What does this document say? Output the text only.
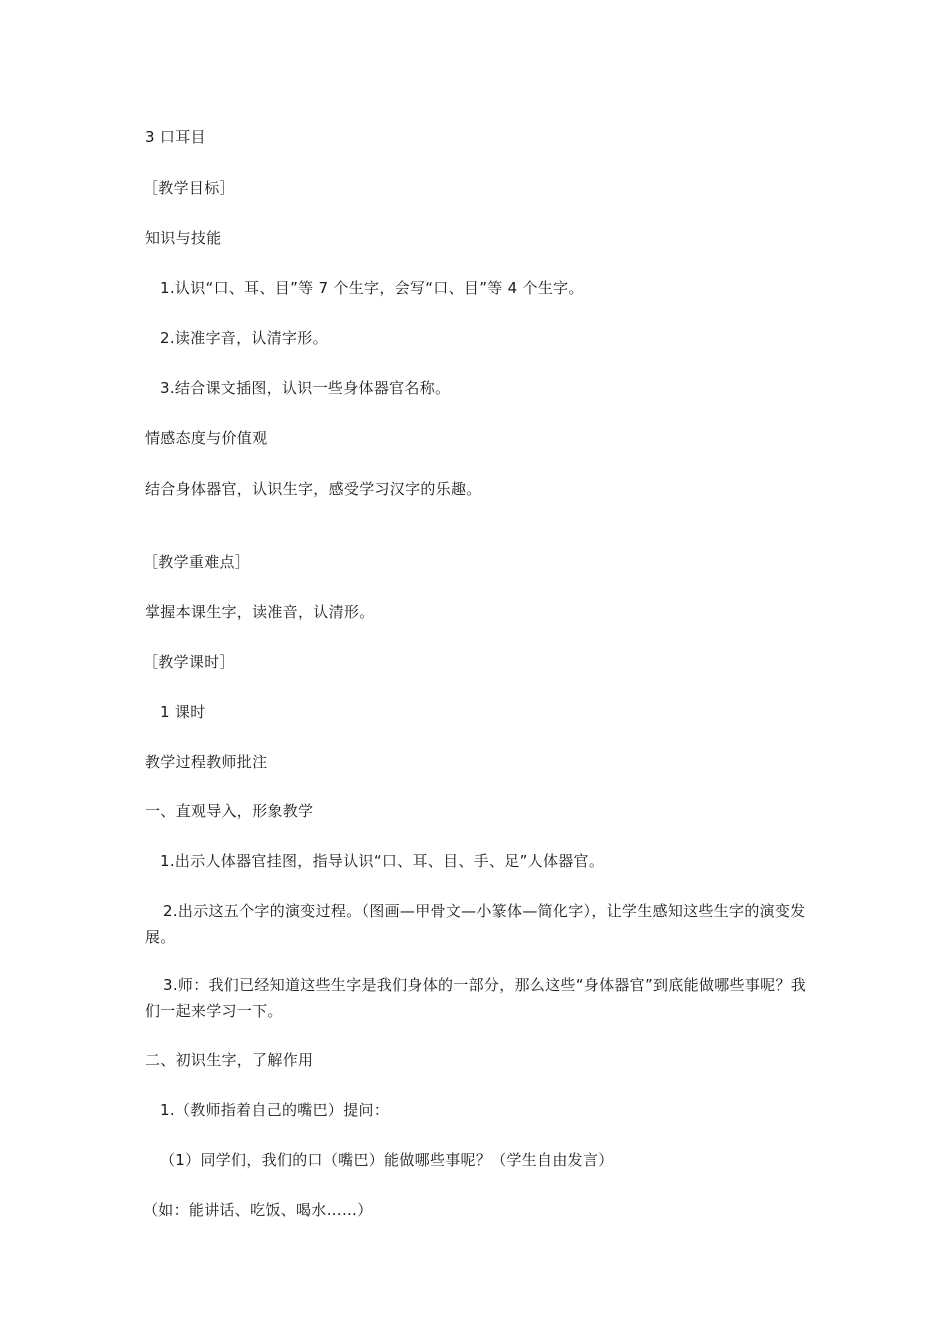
3 口耳目
［教学目标］
知识与技能
1.认识“口、耳、目”等 7 个生字，会写“口、目”等 4 个生字。
2.读准字音，认清字形。
3.结合课文插图，认识一些身体器官名称。
情感态度与价值观
结合身体器官，认识生字，感受学习汉字的乐趣。
［教学重难点］
掌握本课生字，读准音，认清形。
［教学课时］
1 课时
教学过程教师批注
一、直观导入，形象教学
1.出示人体器官挂图，指导认识“口、耳、目、手、足”人体器官。
2.出示这五个字的演变过程。（图画—甲骨文—小篆体—简化字），让学生感知这些生字的演变发展。
3.师：我们已经知道这些生字是我们身体的一部分，那么这些“身体器官”到底能做哪些事呢？我们一起来学习一下。
二、初识生字，了解作用
1.（教师指着自己的嘴巴）提问：
（1）同学们，我们的口（嘴巴）能做哪些事呢？（学生自由发言）
（如：能讲话、吃饭、喝水……）
